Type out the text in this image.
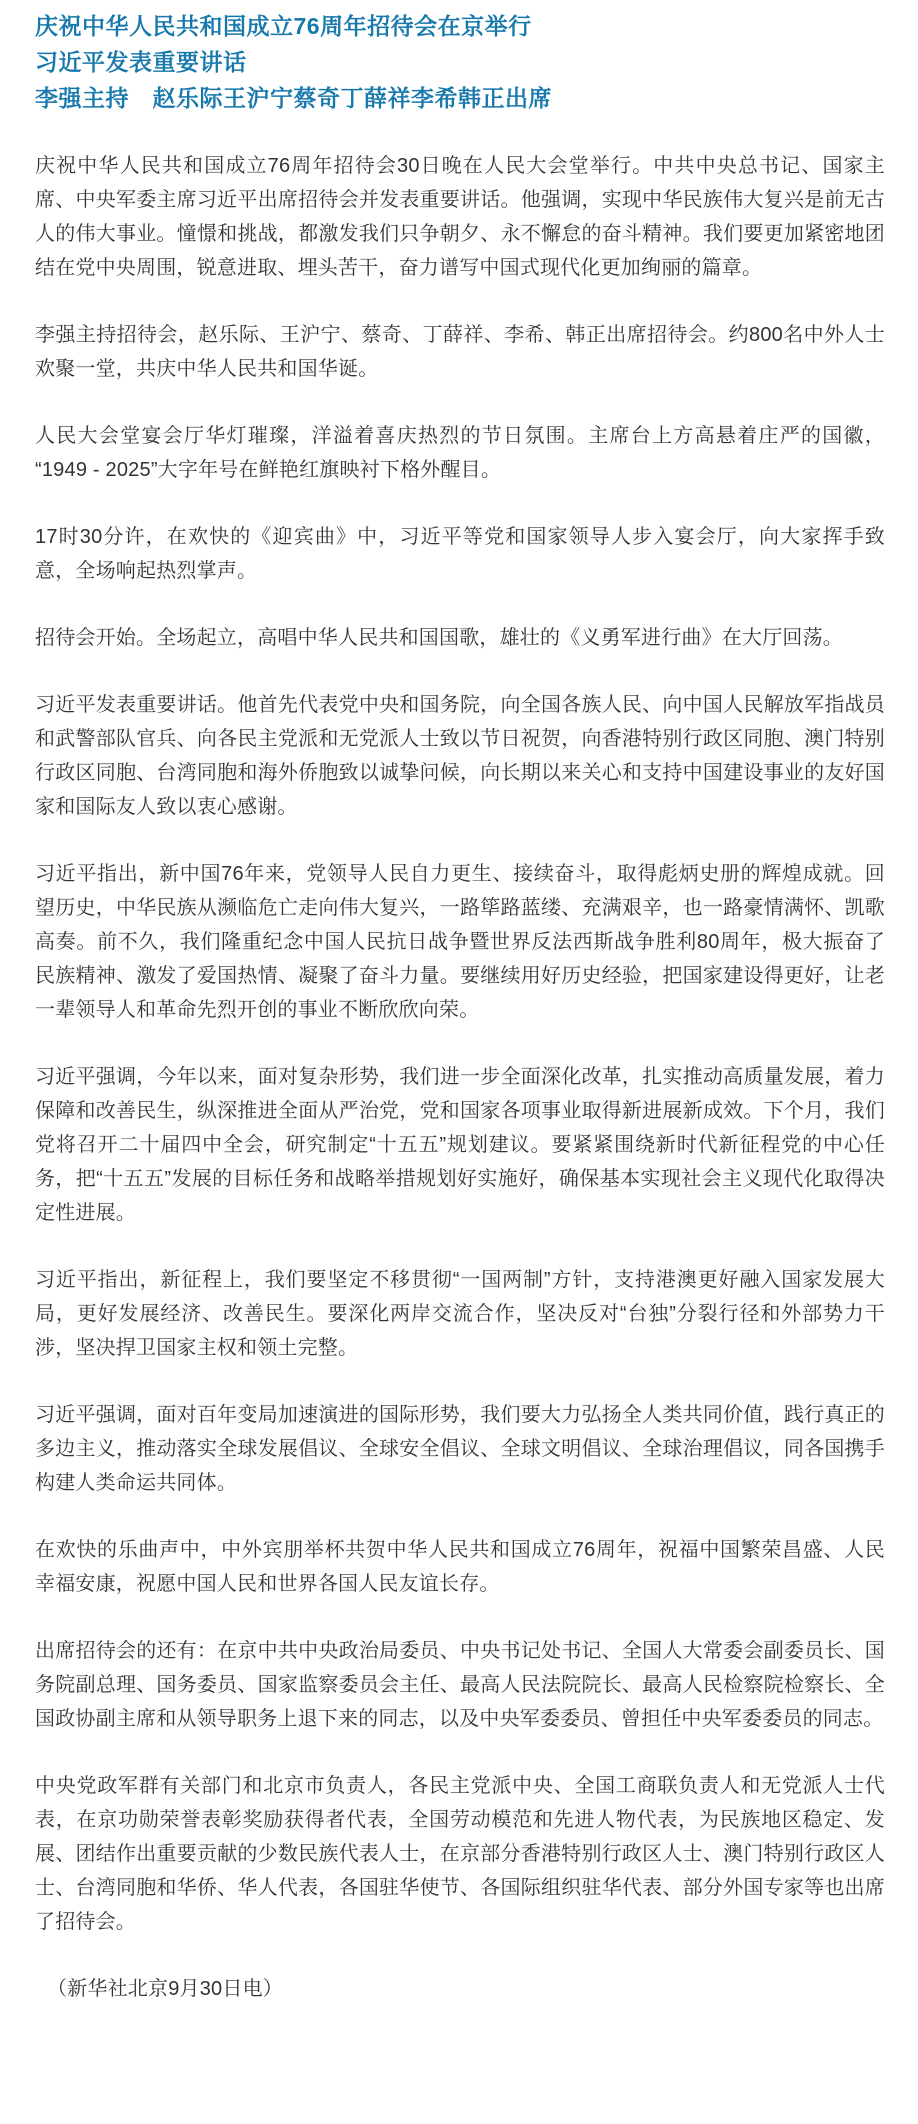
庆祝中华人民共和国成立76周年招待会在京举行
习近平发表重要讲话
李强主持　赵乐际王沪宁蔡奇丁薛祥李希韩正出席

庆祝中华人民共和国成立76周年招待会30日晚在人民大会堂举行。中共中央总书记、国家主席、中央军委主席习近平出席招待会并发表重要讲话。他强调，实现中华民族伟大复兴是前无古人的伟大事业。憧憬和挑战，都激发我们只争朝夕、永不懈怠的奋斗精神。我们要更加紧密地团结在党中央周围，锐意进取、埋头苦干，奋力谱写中国式现代化更加绚丽的篇章。

李强主持招待会，赵乐际、王沪宁、蔡奇、丁薛祥、李希、韩正出席招待会。约800名中外人士欢聚一堂，共庆中华人民共和国华诞。

人民大会堂宴会厅华灯璀璨，洋溢着喜庆热烈的节日氛围。主席台上方高悬着庄严的国徽，“1949 - 2025”大字年号在鲜艳红旗映衬下格外醒目。

17时30分许，在欢快的《迎宾曲》中，习近平等党和国家领导人步入宴会厅，向大家挥手致意，全场响起热烈掌声。

招待会开始。全场起立，高唱中华人民共和国国歌，雄壮的《义勇军进行曲》在大厅回荡。

习近平发表重要讲话。他首先代表党中央和国务院，向全国各族人民、向中国人民解放军指战员和武警部队官兵、向各民主党派和无党派人士致以节日祝贺，向香港特别行政区同胞、澳门特别行政区同胞、台湾同胞和海外侨胞致以诚挚问候，向长期以来关心和支持中国建设事业的友好国家和国际友人致以衷心感谢。

习近平指出，新中国76年来，党领导人民自力更生、接续奋斗，取得彪炳史册的辉煌成就。回望历史，中华民族从濒临危亡走向伟大复兴，一路筚路蓝缕、充满艰辛，也一路豪情满怀、凯歌高奏。前不久，我们隆重纪念中国人民抗日战争暨世界反法西斯战争胜利80周年，极大振奋了民族精神、激发了爱国热情、凝聚了奋斗力量。要继续用好历史经验，把国家建设得更好，让老一辈领导人和革命先烈开创的事业不断欣欣向荣。

习近平强调，今年以来，面对复杂形势，我们进一步全面深化改革，扎实推动高质量发展，着力保障和改善民生，纵深推进全面从严治党，党和国家各项事业取得新进展新成效。下个月，我们党将召开二十届四中全会，研究制定“十五五”规划建议。要紧紧围绕新时代新征程党的中心任务，把“十五五”发展的目标任务和战略举措规划好实施好，确保基本实现社会主义现代化取得决定性进展。

习近平指出，新征程上，我们要坚定不移贯彻“一国两制”方针，支持港澳更好融入国家发展大局，更好发展经济、改善民生。要深化两岸交流合作，坚决反对“台独”分裂行径和外部势力干涉，坚决捍卫国家主权和领土完整。

习近平强调，面对百年变局加速演进的国际形势，我们要大力弘扬全人类共同价值，践行真正的多边主义，推动落实全球发展倡议、全球安全倡议、全球文明倡议、全球治理倡议，同各国携手构建人类命运共同体。

在欢快的乐曲声中，中外宾朋举杯共贺中华人民共和国成立76周年，祝福中国繁荣昌盛、人民幸福安康，祝愿中国人民和世界各国人民友谊长存。

出席招待会的还有：在京中共中央政治局委员、中央书记处书记、全国人大常委会副委员长、国务院副总理、国务委员、国家监察委员会主任、最高人民法院院长、最高人民检察院检察长、全国政协副主席和从领导职务上退下来的同志，以及中央军委委员、曾担任中央军委委员的同志。

中央党政军群有关部门和北京市负责人，各民主党派中央、全国工商联负责人和无党派人士代表，在京功勋荣誉表彰奖励获得者代表，全国劳动模范和先进人物代表，为民族地区稳定、发展、团结作出重要贡献的少数民族代表人士，在京部分香港特别行政区人士、澳门特别行政区人士、台湾同胞和华侨、华人代表，各国驻华使节、各国际组织驻华代表、部分外国专家等也出席了招待会。

（新华社北京9月30日电）
